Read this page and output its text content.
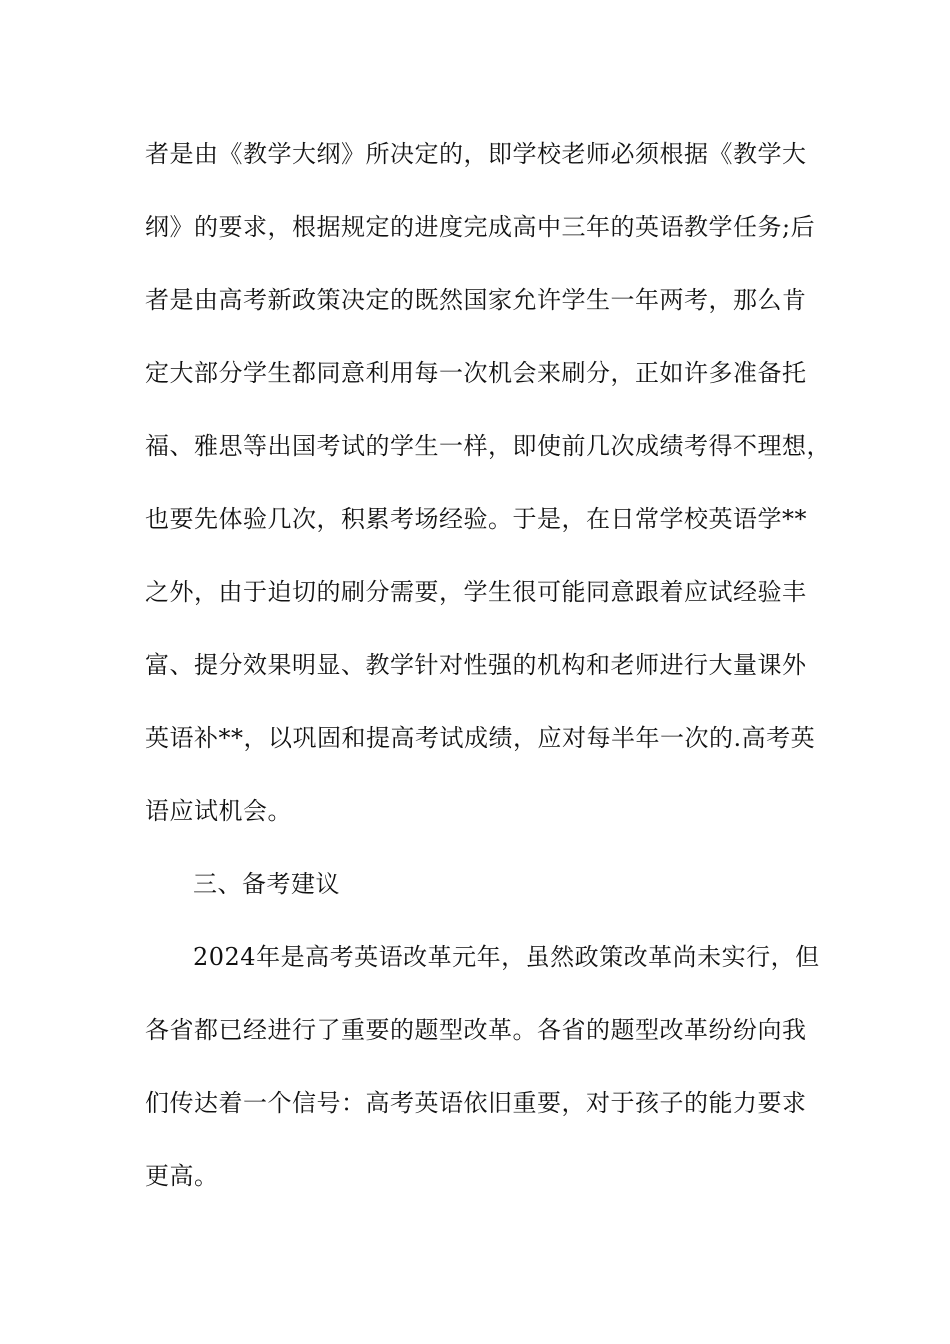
者是由《教学大纲》所决定的，即学校老师必须根据《教学大
纲》的要求，根据规定的进度完成高中三年的英语教学任务;后
者是由高考新政策决定的既然国家允许学生一年两考，那么肯
定大部分学生都同意利用每一次机会来刷分，正如许多准备托
福、雅思等出国考试的学生一样，即使前几次成绩考得不理想，
也要先体验几次，积累考场经验。于是，在日常学校英语学**
之外，由于迫切的刷分需要，学生很可能同意跟着应试经验丰
富、提分效果明显、教学针对性强的机构和老师进行大量课外
英语补**，以巩固和提高考试成绩，应对每半年一次的.高考英
语应试机会。
三、备考建议
2024年是高考英语改革元年，虽然政策改革尚未实行，但
各省都已经进行了重要的题型改革。各省的题型改革纷纷向我
们传达着一个信号：高考英语依旧重要，对于孩子的能力要求
更高。
